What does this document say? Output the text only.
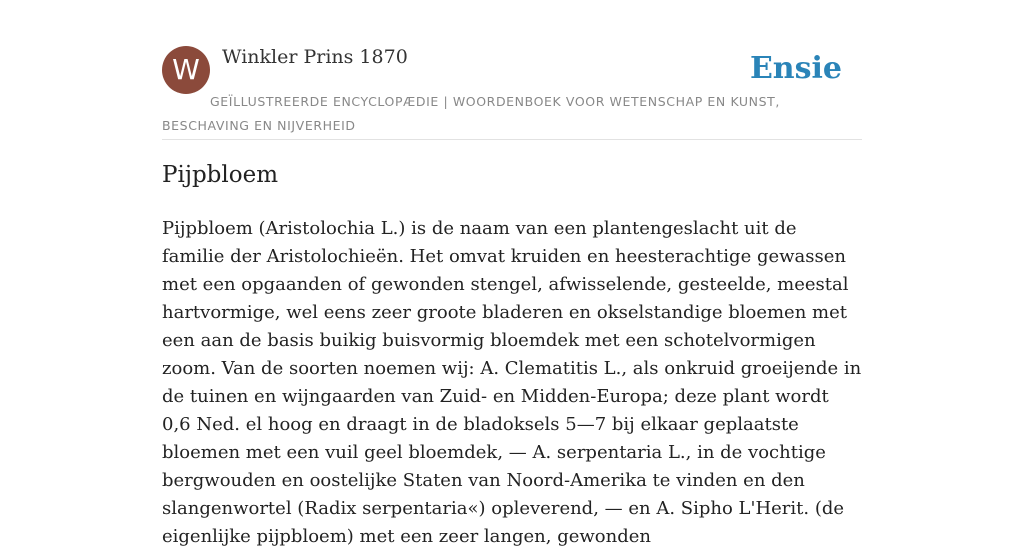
W	Winkler Prins 1870	Ensie
GEÏLLUSTREERDE ENCYCLOPÆDIE | WOORDENBOEK VOOR WETENSCHAP EN KUNST, BESCHAVING EN NIJVERHEID
Pijpbloem

Pijpbloem (Aristolochia L.) is de naam van een plantengeslacht uit de familie der Aristolochieën. Het omvat kruiden en heesterachtige gewassen met een opgaanden of gewonden stengel, afwisselende, gesteelde, meestal hartvormige, wel eens zeer groote bladeren en okselstandige bloemen met een aan de basis buikig buisvormig bloemdek met een schotelvormigen zoom. Van de soorten noemen wij: A. Clematitis L., als onkruid groeijende in de tuinen en wijngaarden van Zuid- en Midden-Europa; deze plant wordt 0,6 Ned. el hoog en draagt in de bladoksels 5—7 bij elkaar geplaatste bloemen met een vuil geel bloemdek, — A. serpentaria L., in de vochtige bergwouden en oostelijke Staten van Noord-Amerika te vinden en den slangenwortel (Radix serpentaria«) opleverend, — en A. Sipho L'Herit. (de eigenlijke pijpbloem) met een zeer langen, gewonden
